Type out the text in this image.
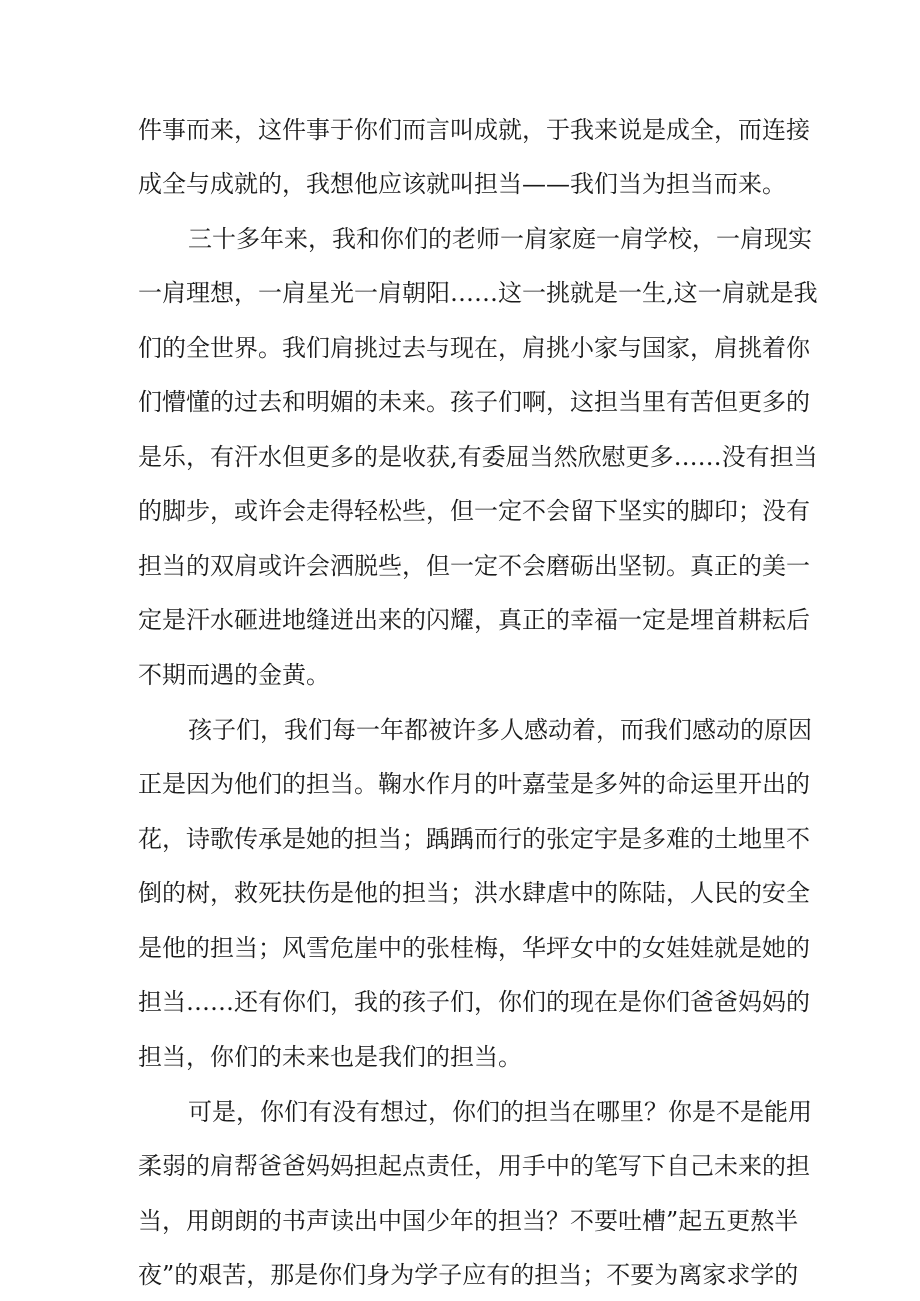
件事而来，这件事于你们而言叫成就，于我来说是成全，而连接
成全与成就的，我想他应该就叫担当——我们当为担当而来。
三十多年来，我和你们的老师一肩家庭一肩学校，一肩现实
一肩理想，一肩星光一肩朝阳……这一挑就是一生,这一肩就是我
们的全世界。我们肩挑过去与现在，肩挑小家与国家，肩挑着你
们懵懂的过去和明媚的未来。孩子们啊，这担当里有苦但更多的
是乐，有汗水但更多的是收获,有委屈当然欣慰更多……没有担当
的脚步，或许会走得轻松些，但一定不会留下坚实的脚印；没有
担当的双肩或许会洒脱些，但一定不会磨砺出坚韧。真正的美一
定是汗水砸进地缝迸出来的闪耀，真正的幸福一定是埋首耕耘后
不期而遇的金黄。
孩子们，我们每一年都被许多人感动着，而我们感动的原因
正是因为他们的担当。鞠水作月的叶嘉莹是多舛的命运里开出的
花，诗歌传承是她的担当；踽踽而行的张定宇是多难的土地里不
倒的树，救死扶伤是他的担当；洪水肆虐中的陈陆，人民的安全
是他的担当；风雪危崖中的张桂梅，华坪女中的女娃娃就是她的
担当……还有你们，我的孩子们，你们的现在是你们爸爸妈妈的
担当，你们的未来也是我们的担当。
可是，你们有没有想过，你们的担当在哪里？你是不是能用
柔弱的肩帮爸爸妈妈担起点责任，用手中的笔写下自己未来的担
当，用朗朗的书声读出中国少年的担当？不要吐槽”起五更熬半
夜”的艰苦，那是你们身为学子应有的担当；不要为离家求学的
